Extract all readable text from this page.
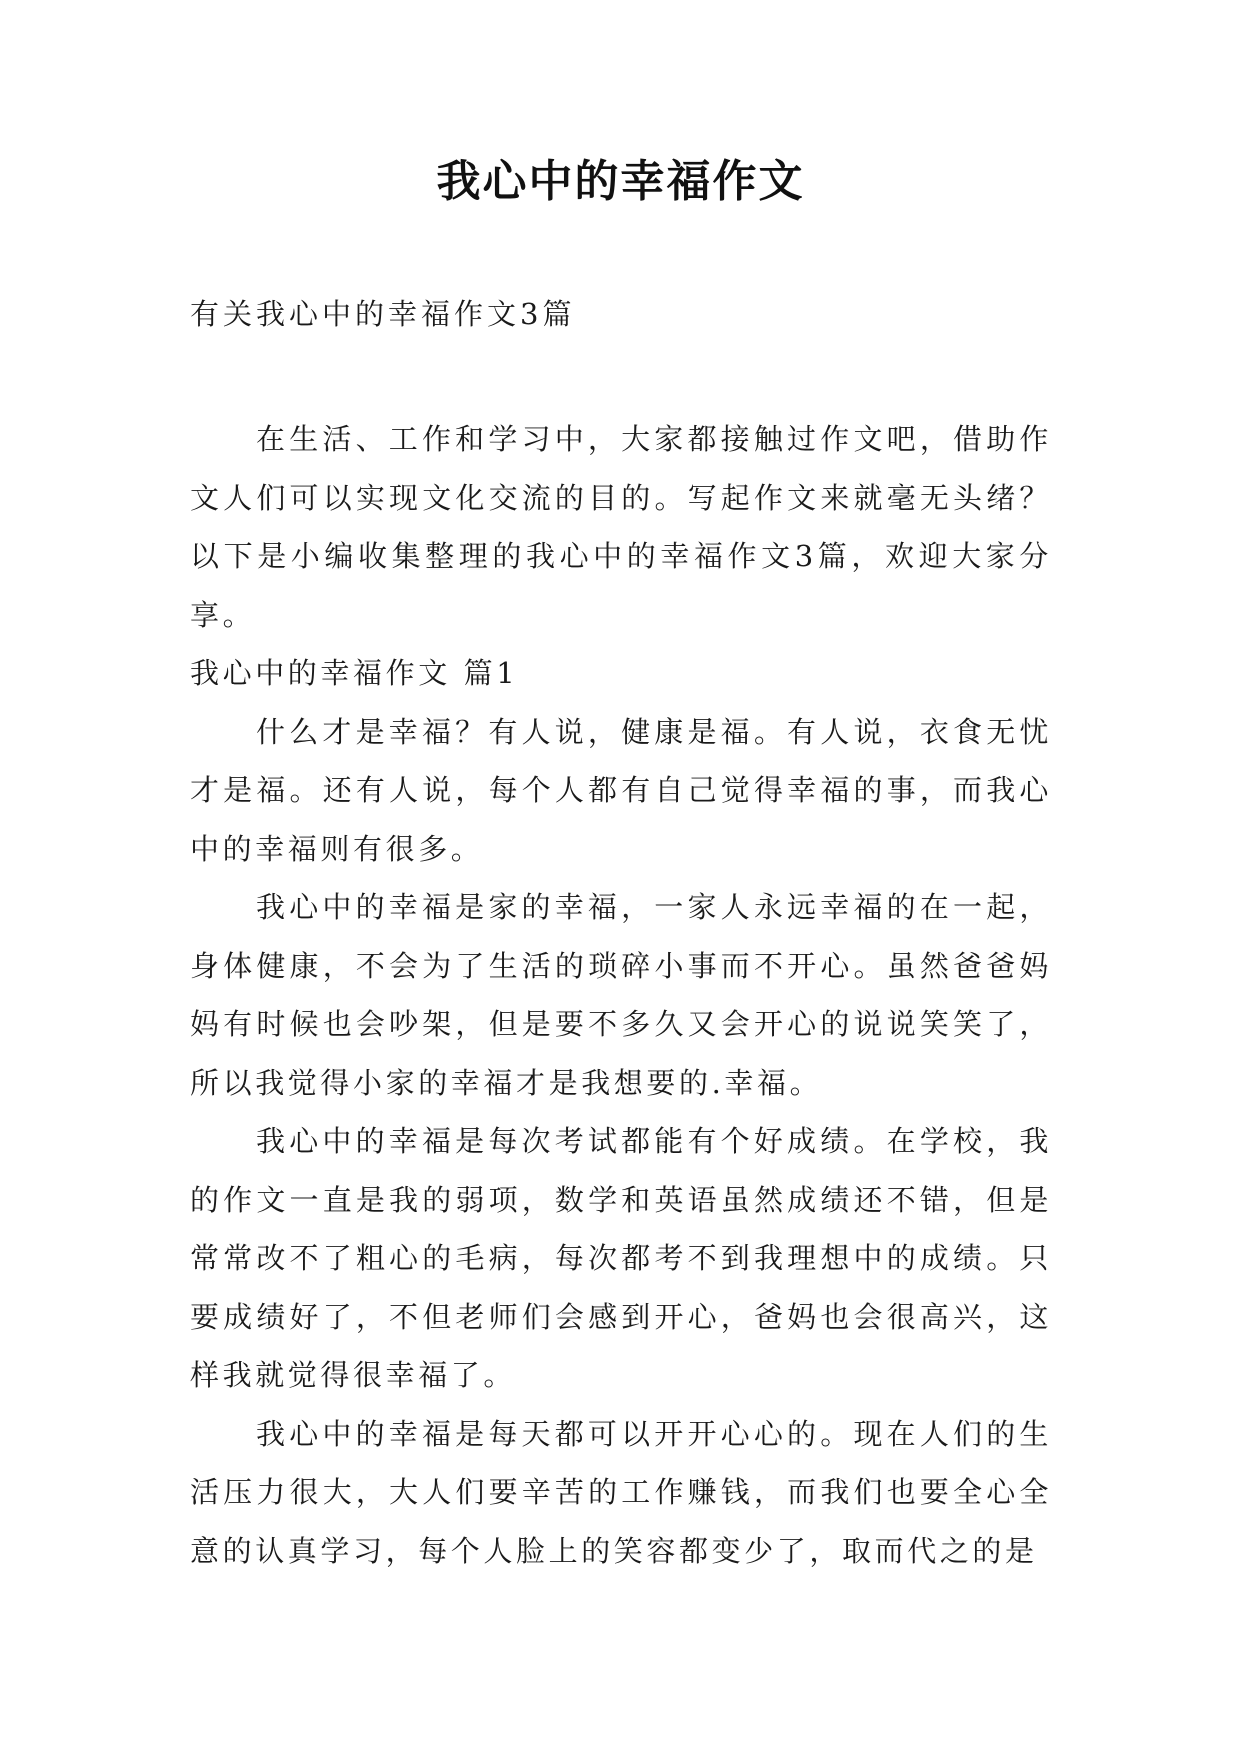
我心中的幸福作文
有关我心中的幸福作文3篇

在生活、工作和学习中，大家都接触过作文吧，借助作文人们可以实现文化交流的目的。写起作文来就毫无头绪？以下是小编收集整理的我心中的幸福作文3篇，欢迎大家分享。

我心中的幸福作文 篇1

什么才是幸福？有人说，健康是福。有人说，衣食无忧才是福。还有人说，每个人都有自己觉得幸福的事，而我心中的幸福则有很多。

我心中的幸福是家的幸福，一家人永远幸福的在一起，身体健康，不会为了生活的琐碎小事而不开心。虽然爸爸妈妈有时候也会吵架，但是要不多久又会开心的说说笑笑了，所以我觉得小家的幸福才是我想要的.幸福。

我心中的幸福是每次考试都能有个好成绩。在学校，我的作文一直是我的弱项，数学和英语虽然成绩还不错，但是常常改不了粗心的毛病，每次都考不到我理想中的成绩。只要成绩好了，不但老师们会感到开心，爸妈也会很高兴，这样我就觉得很幸福了。

我心中的幸福是每天都可以开开心心的。现在人们的生活压力很大，大人们要辛苦的工作赚钱，而我们也要全心全意的认真学习，每个人脸上的笑容都变少了，取而代之的是
